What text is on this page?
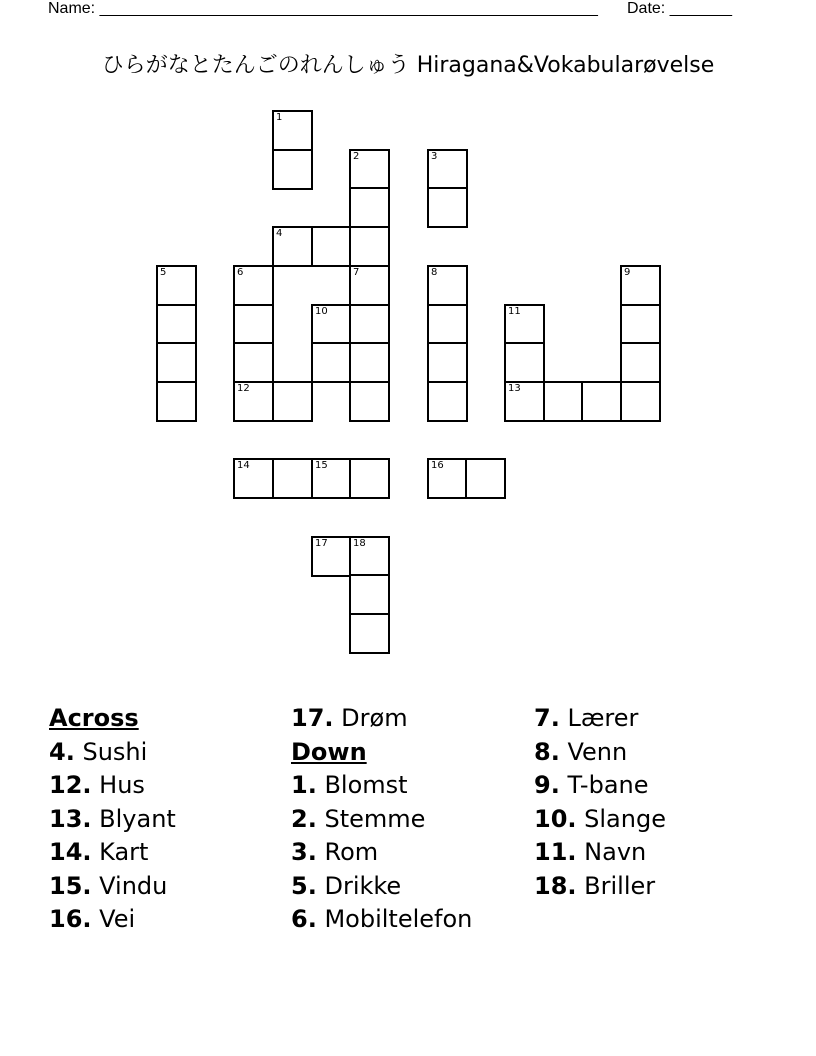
Name: ________________________________________________________ Date: _______
ひらがなとたんごのれんしゅう Hiragana&Vokabularøvelse
1
2	3
4
5	6
12
10
7	8
11
13
9
14	15	16
17	18
Across
4. Sushi
12. Hus
13. Blyant
14. Kart
15. Vindu
16. Vei
17. Drøm
Down
1. Blomst
2. Stemme
3. Rom
5. Drikke
6. Mobiltelefon
7. Lærer
8. Venn
9. T-bane
10. Slange
11. Navn
18. Briller
